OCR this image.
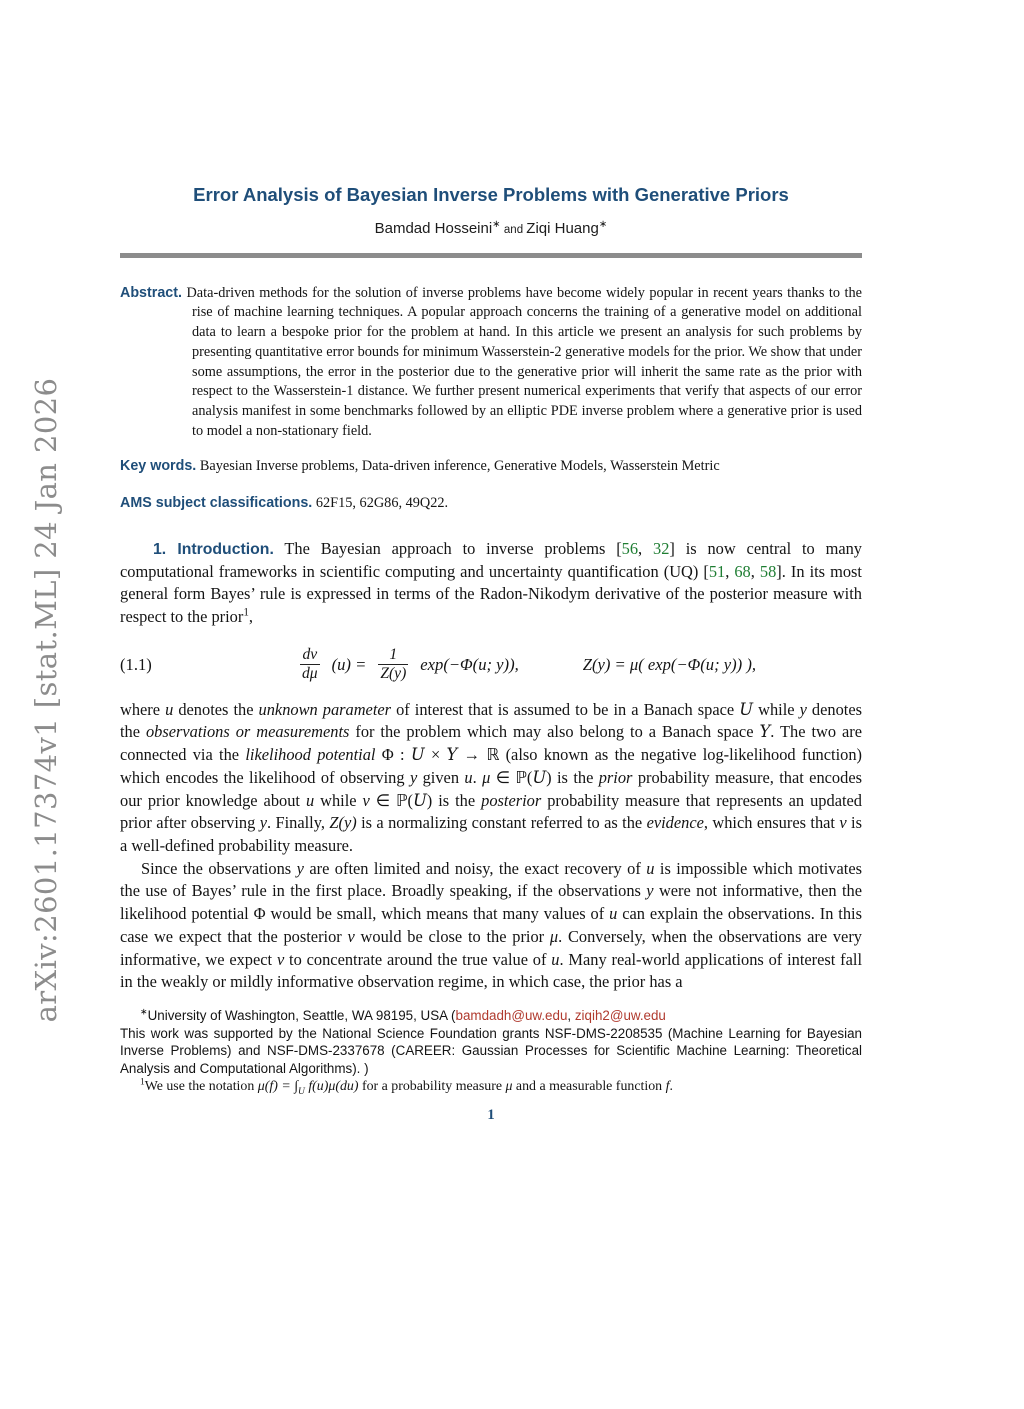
arXiv:2601.17374v1 [stat.ML] 24 Jan 2026
Error Analysis of Bayesian Inverse Problems with Generative Priors
Bamdad Hosseini∗ and Ziqi Huang∗

Abstract. Data-driven methods for the solution of inverse problems have become widely popular in recent years thanks to the rise of machine learning techniques. A popular approach concerns the training of a generative model on additional data to learn a bespoke prior for the problem at hand. In this article we present an analysis for such problems by presenting quantitative error bounds for minimum Wasserstein-2 generative models for the prior. We show that under some assumptions, the error in the posterior due to the generative prior will inherit the same rate as the prior with respect to the Wasserstein-1 distance. We further present numerical experiments that verify that aspects of our error analysis manifest in some benchmarks followed by an elliptic PDE inverse problem where a generative prior is used to model a non-stationary field.

Key words. Bayesian Inverse problems, Data-driven inference, Generative Models, Wasserstein Metric

AMS subject classifications. 62F15, 62G86, 49Q22.

1. Introduction. The Bayesian approach to inverse problems [56, 32] is now central to many computational frameworks in scientific computing and uncertainty quantification (UQ) [51, 68, 58]. In its most general form Bayes’ rule is expressed in terms of the Radon-Nikodym derivative of the posterior measure with respect to the prior$^1$,

(1.1)	$\frac{d\nu}{d\mu} (u) = \frac{1}{Z(y)} \exp(-\Phi(u$; y)),	Z(y) = μ( exp(−Φ(u; y)) ),

where u denotes the unknown parameter of interest that is assumed to be in a Banach space U while y denotes the observations or measurements for the problem which may also belong to a Banach space Y. The two are connected via the likelihood potential Φ : U × Y → ℝ (also known as the negative log-likelihood function) which encodes the likelihood of observing y given u. μ ∈ ℙ(U) is the prior probability measure, that encodes our prior knowledge about u while ν ∈ ℙ(U) is the posterior probability measure that represents an updated prior after observing y. Finally, Z(y) is a normalizing constant referred to as the evidence, which ensures that ν is a well-defined probability measure.

Since the observations y are often limited and noisy, the exact recovery of u is impossible which motivates the use of Bayes’ rule in the first place. Broadly speaking, if the observations y were not informative, then the likelihood potential Φ would be small, which means that many values of u can explain the observations. In this case we expect that the posterior ν would be close to the prior μ. Conversely, when the observations are very informative, we expect ν to concentrate around the true value of u. Many real-world applications of interest fall in the weakly or mildly informative observation regime, in which case, the prior has a

∗University of Washington, Seattle, WA 98195, USA (bamdadh@uw.edu, ziqih2@uw.edu

This work was supported by the National Science Foundation grants NSF-DMS-2208535 (Machine Learning for Bayesian Inverse Problems) and NSF-DMS-2337678 (CAREER: Gaussian Processes for Scientific Machine Learning: Theoretical Analysis and Computational Algorithms). )

$^1$We use the notation $\mu(f) = \int_U$ f(u)μ(du) for a probability measure μ and a measurable function f.

1
